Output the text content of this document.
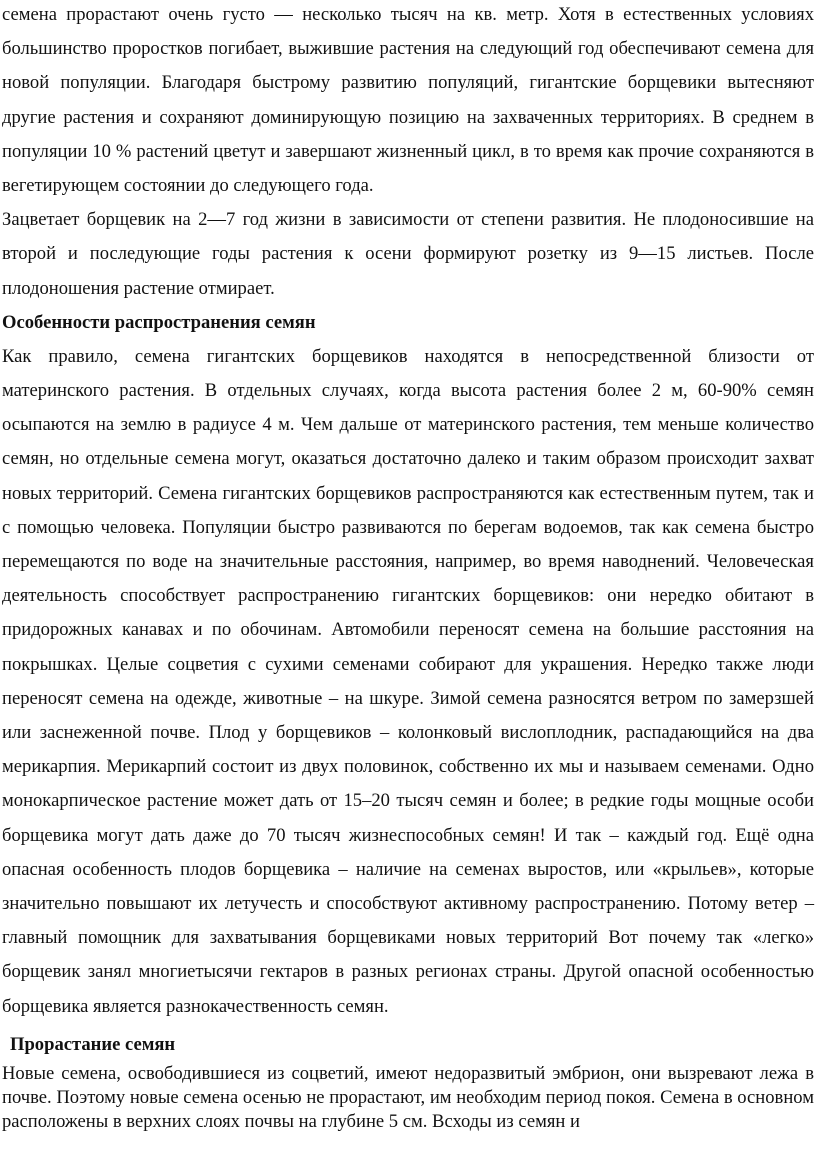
семена прорастают очень густо — несколько тысяч на кв. метр. Хотя в естественных условиях большинство проростков погибает, выжившие растения на следующий год обеспечивают семена для новой популяции. Благодаря быстрому развитию популяций, гигантские борщевики вытесняют другие растения и сохраняют доминирующую позицию на захваченных территориях. В среднем в популяции 10 % растений цветут и завершают жизненный цикл, в то время как прочие сохраняются в вегетирующем состоянии до следующего года.

Зацветает борщевик на 2—7 год жизни в зависимости от степени развития. Не плодоносившие на второй и последующие годы растения к осени формируют розетку из 9—15 листьев. После плодоношения растение отмирает.

Особенности распространения семян

Как правило, семена гигантских борщевиков находятся в непосредственной близости от материнского растения. В отдельных случаях, когда высота растения более 2 м, 60-90% семян осыпаются на землю в радиусе 4 м. Чем дальше от материнского растения, тем меньше количество семян, но отдельные семена могут, оказаться достаточно далеко и таким образом происходит захват новых территорий. Семена гигантских борщевиков распространяются как естественным путем, так и с помощью человека. Популяции быстро развиваются по берегам водоемов, так как семена быстро перемещаются по воде на значительные расстояния, например, во время наводнений. Человеческая деятельность способствует распространению гигантских борщевиков: они нередко обитают в придорожных канавах и по обочинам. Автомобили переносят семена на большие расстояния на покрышках. Целые соцветия с сухими семенами собирают для украшения. Нередко также люди переносят семена на одежде, животные – на шкуре. Зимой семена разносятся ветром по замерзшей или заснеженной почве. Плод у борщевиков – колонковый вислоплодник, распадающийся на два мерикарпия. Мерикарпий состоит из двух половинок, собственно их мы и называем семенами. Одно монокарпическое растение может дать от 15–20 тысяч семян и более; в редкие годы мощные особи борщевика могут дать даже до 70 тысяч жизнеспособных семян! И так – каждый год. Ещё одна опасная особенность плодов борщевика – наличие на семенах выростов, или «крыльев», которые значительно повышают их летучесть и способствуют активному распространению. Потому ветер – главный помощник для захватывания борщевиками новых территорий Вот почему так «легко» борщевик занял многиетысячи гектаров в разных регионах страны. Другой опасной особенностью борщевика является разнокачественность семян.

Прорастание семян

Новые семена, освободившиеся из соцветий, имеют недоразвитый эмбрион, они вызревают лежа в почве. Поэтому новые семена осенью не прорастают, им необходим период покоя. Семена в основном расположены в верхних слоях почвы на глубине 5 см. Всходы из семян и
